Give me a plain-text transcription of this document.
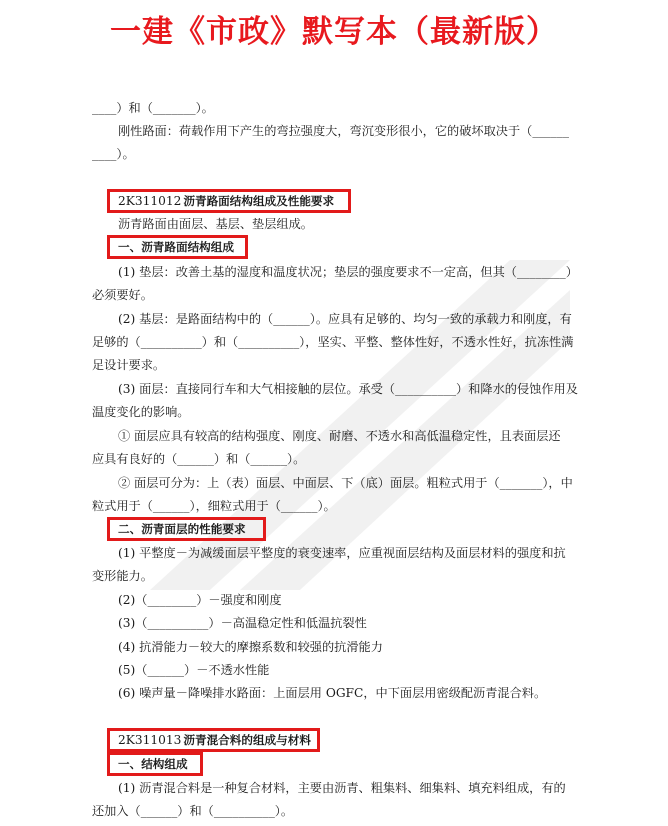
一建《市政》默写本（最新版）
____）和（_______）。
刚性路面：荷载作用下产生的弯拉强度大，弯沉变形很小，它的破坏取决于（______
____）。
2K311012 沥青路面结构组成及性能要求
沥青路面由面层、基层、垫层组成。
一、沥青路面结构组成
(1) 垫层：改善土基的湿度和温度状况；垫层的强度要求不一定高，但其（________）
必须要好。
(2) 基层：是路面结构中的（______）。应具有足够的、均匀一致的承载力和刚度，有
足够的（__________）和（__________），坚实、平整、整体性好，不透水性好，抗冻性满
足设计要求。
(3) 面层：直接同行车和大气相接触的层位。承受（__________）和降水的侵蚀作用及
温度变化的影响。
① 面层应具有较高的结构强度、刚度、耐磨、不透水和高低温稳定性，且表面层还
应具有良好的（______）和（______）。
② 面层可分为：上（表）面层、中面层、下（底）面层。粗粒式用于（_______），中
粒式用于（______），细粒式用于（______）。
二、沥青面层的性能要求
(1) 平整度－为减缓面层平整度的衰变速率，应重视面层结构及面层材料的强度和抗
变形能力。
(2)（________）－强度和刚度
(3)（__________）－高温稳定性和低温抗裂性
(4) 抗滑能力－较大的摩擦系数和较强的抗滑能力
(5)（______）－不透水性能
(6) 噪声量－降噪排水路面：上面层用 OGFC，中下面层用密级配沥青混合料。
2K311013 沥青混合料的组成与材料
一、结构组成
(1) 沥青混合料是一种复合材料，主要由沥青、粗集料、细集料、填充料组成，有的
还加入（______）和（__________）。
